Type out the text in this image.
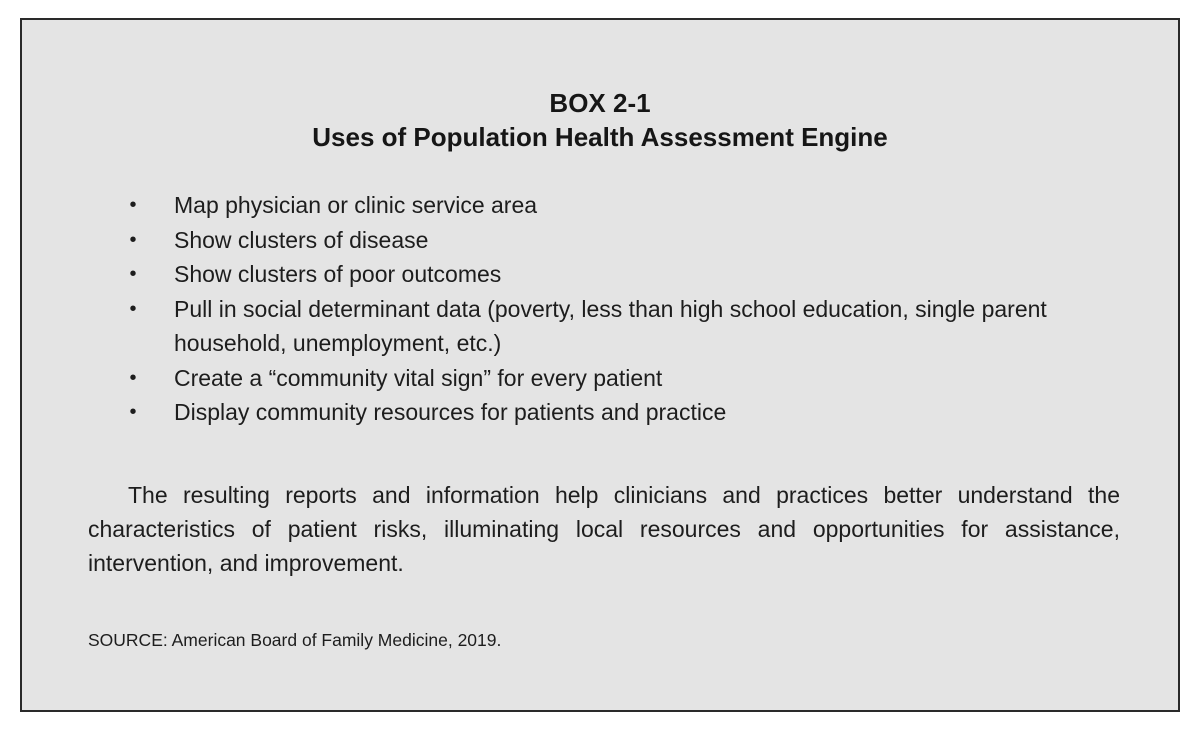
BOX 2-1
Uses of Population Health Assessment Engine
• Map physician or clinic service area
• Show clusters of disease
• Show clusters of poor outcomes
• Pull in social determinant data (poverty, less than high school education, single parent household, unemployment, etc.)
• Create a “community vital sign” for every patient
• Display community resources for patients and practice

The resulting reports and information help clinicians and practices better understand the characteristics of patient risks, illuminating local resources and opportunities for assistance, intervention, and improvement.

SOURCE: American Board of Family Medicine, 2019.
